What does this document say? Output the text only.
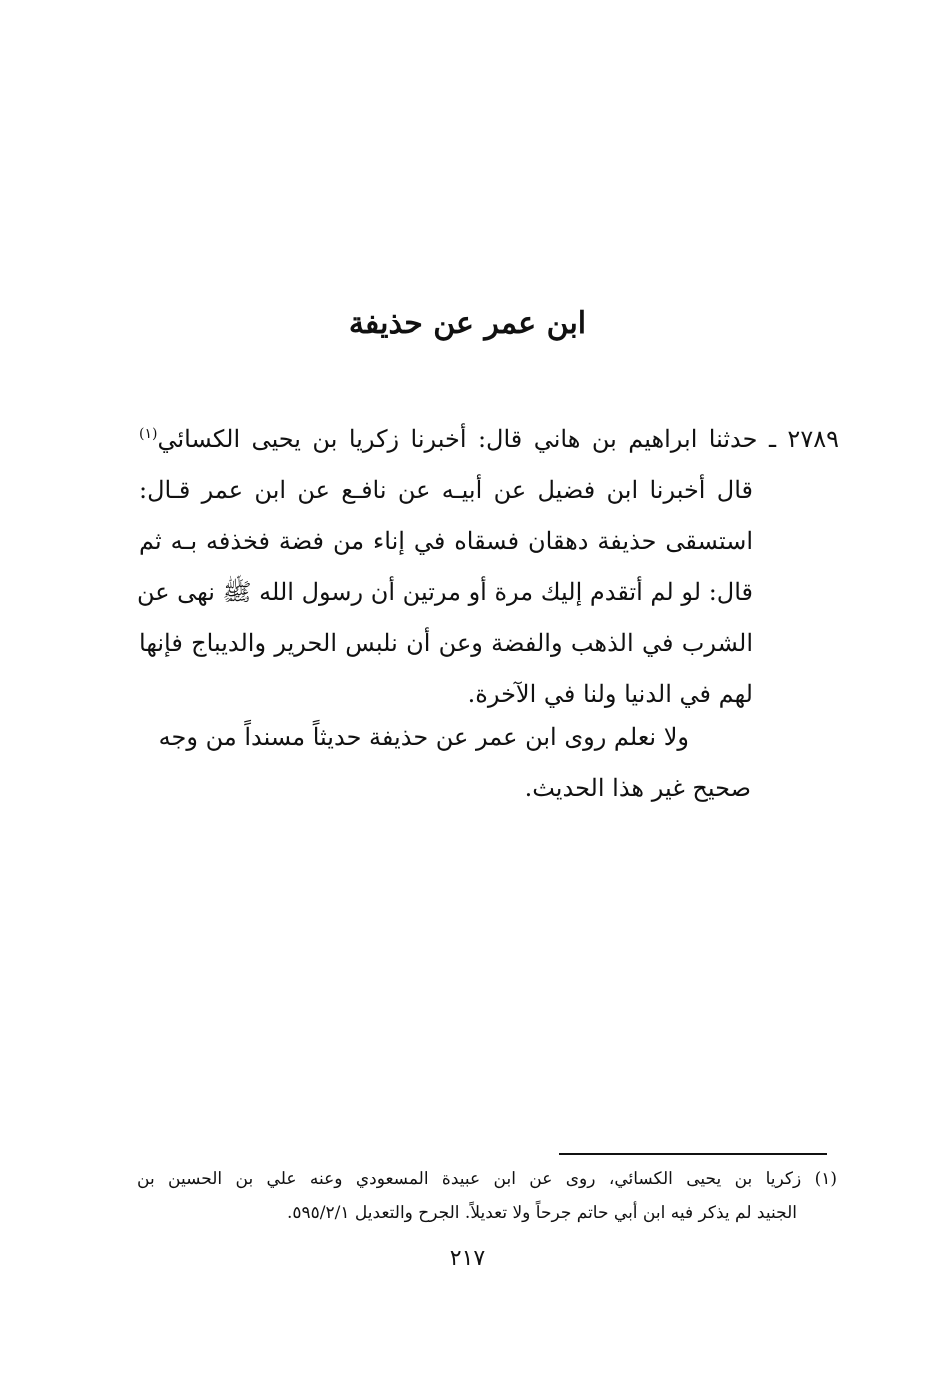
ابن عمر عن حذيفة
٢٧٨٩ ـ حدثنا ابراهيم بن هاني قال: أخبرنا زكريا بن يحيى الكسائي$^{(١)}$
قال أخبرنا ابن فضيل عن أبيـه عن نافـع عن ابن عمر قـال:
استسقى حذيفة دهقان فسقاه في إناء من فضة فخذفه بـه ثم
قال: لو لم أتقدم إليك مرة أو مرتين أن رسول الله ﷺ نهى عن
الشرب في الذهب والفضة وعن أن نلبس الحرير والديباج فإنها
لهم في الدنيا ولنا في الآخرة.
ولا نعلم روى ابن عمر عن حذيفة حديثاً مسنداً من وجه
صحيح غير هذا الحديث.
(١) زكريا بن يحيى الكسائي، روى عن ابن عبيدة المسعودي وعنه علي بن الحسين بن
الجنيد لم يذكر فيه ابن أبي حاتم جرحاً ولا تعديلاً. الجرح والتعديل ٥٩٥/٢/١.
٢١٧
